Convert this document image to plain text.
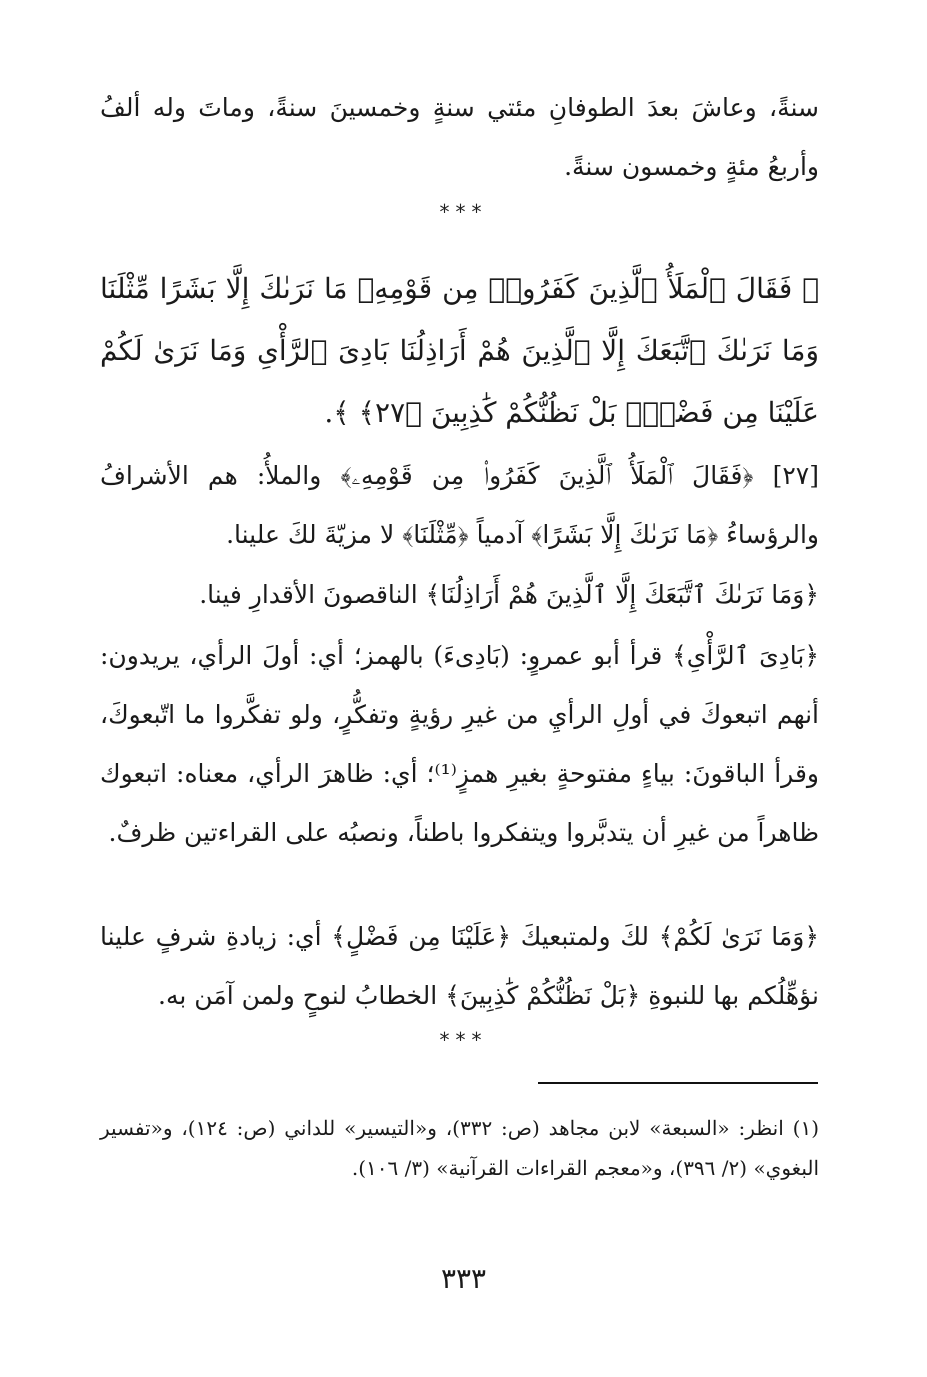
سنةً، وعاشَ بعدَ الطوفانِ مئتي سنةٍ وخمسينَ سنةً، وماتَ وله ألفُ وأربعُ مئةٍ وخمسون سنةً.

***

﴿ فَقَالَ ٱلْمَلَأُ ٱلَّذِينَ كَفَرُوا۟ مِن قَوْمِهِۦ مَا نَرَىٰكَ إِلَّا بَشَرًا مِّثْلَنَا وَمَا نَرَىٰكَ ٱتَّبَعَكَ إِلَّا ٱلَّذِينَ هُمْ أَرَاذِلُنَا بَادِىَ ٱلرَّأْىِ وَمَا نَرَىٰ لَكُمْ عَلَيْنَا مِن فَضْلٍۭ بَلْ نَظُنُّكُمْ كَٰذِبِينَ ﴿٢٧﴾ ﴾.

[٢٧] ﴿فَقَالَ ٱلْمَلَأُ ٱلَّذِينَ كَفَرُوا۟ مِن قَوْمِهِۦ﴾ والملأُ: هم الأشرافُ والرؤساءُ ﴿مَا نَرَىٰكَ إِلَّا بَشَرًا﴾ آدمياً ﴿مِّثْلَنَا﴾ لا مزيّةَ لكَ علينا.

﴿وَمَا نَرَىٰكَ ٱتَّبَعَكَ إِلَّا ٱلَّذِينَ هُمْ أَرَاذِلُنَا﴾ الناقصونَ الأقدارِ فينا.

﴿بَادِىَ ٱلرَّأْىِ﴾ قرأ أبو عمروٍ: (بَادِىءَ) بالهمز؛ أي: أولَ الرأي، يريدون: أنهم اتبعوكَ في أولِ الرأيِ من غيرِ رؤيةٍ وتفكُّرٍ، ولو تفكَّروا ما اتّبعوكَ، وقرأ الباقونَ: بياءٍ مفتوحةٍ بغيرِ همزٍ⁽¹⁾؛ أي: ظاهرَ الرأي، معناه: اتبعوك ظاهراً من غيرِ أن يتدبَّروا ويتفكروا باطناً، ونصبُه على القراءتين ظرفٌ.

﴿وَمَا نَرَىٰ لَكُمْ﴾ لكَ ولمتبعيكَ ﴿عَلَيْنَا مِن فَضْلٍ﴾ أي: زيادةِ شرفٍ علينا نؤهِّلُكم بها للنبوةِ ﴿بَلْ نَظُنُّكُمْ كَٰذِبِينَ﴾ الخطابُ لنوحٍ ولمن آمَن به.

***

(١) انظر: «السبعة» لابن مجاهد (ص: ٣٣٢)، و«التيسير» للداني (ص: ١٢٤)، و«تفسير البغوي» (٢/ ٣٩٦)، و«معجم القراءات القرآنية» (٣/ ١٠٦).

٣٣٣
